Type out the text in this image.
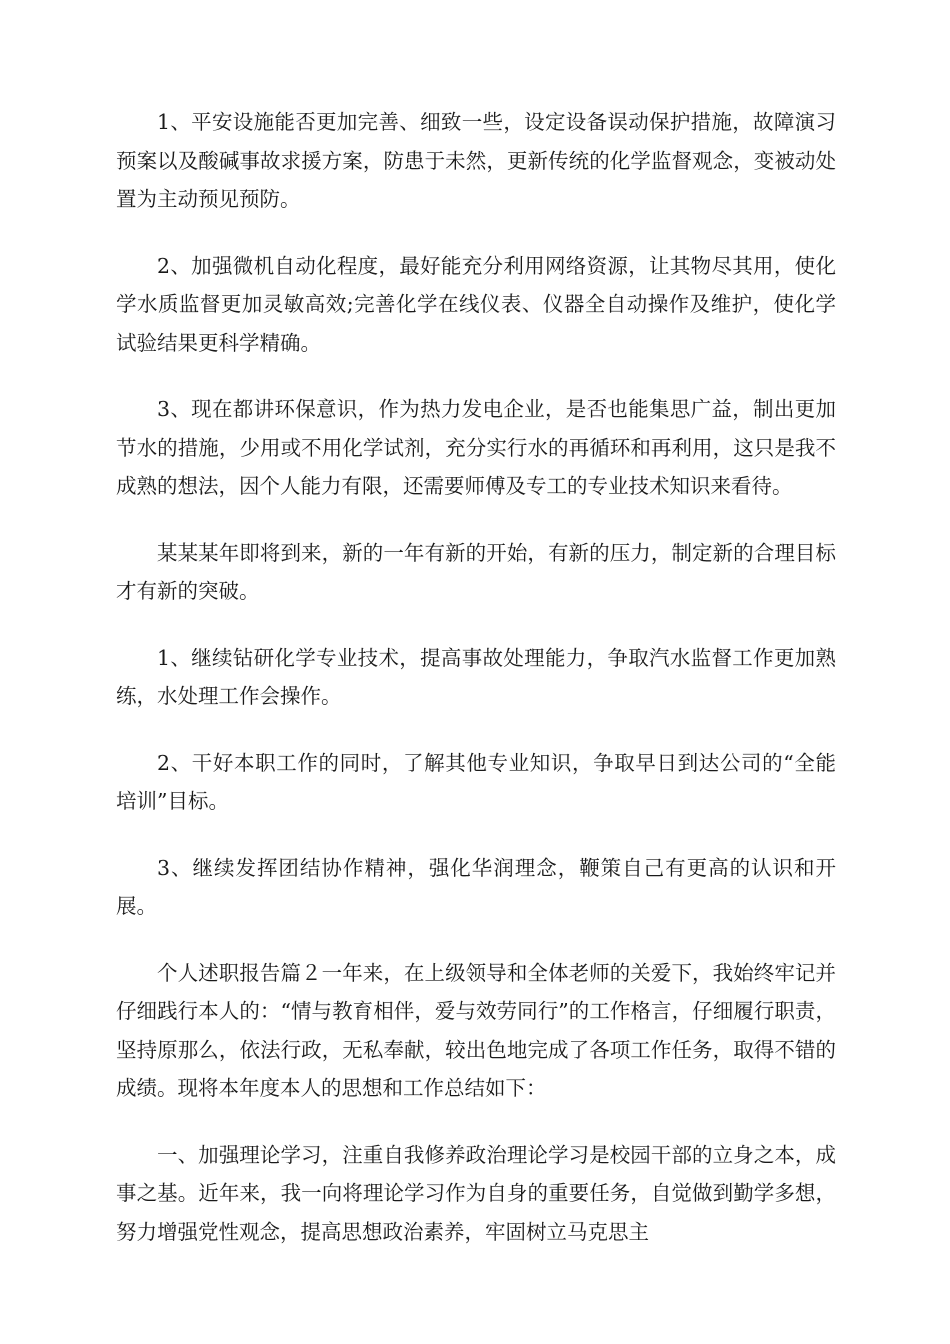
1、平安设施能否更加完善、细致一些，设定设备误动保护措施，故障演习预案以及酸碱事故求援方案，防患于未然，更新传统的化学监督观念，变被动处置为主动预见预防。

2、加强微机自动化程度，最好能充分利用网络资源，让其物尽其用，使化学水质监督更加灵敏高效;完善化学在线仪表、仪器全自动操作及维护，使化学试验结果更科学精确。

3、现在都讲环保意识，作为热力发电企业，是否也能集思广益，制出更加节水的措施，少用或不用化学试剂，充分实行水的再循环和再利用，这只是我不成熟的想法，因个人能力有限，还需要师傅及专工的专业技术知识来看待。

某某某年即将到来，新的一年有新的开始，有新的压力，制定新的合理目标才有新的突破。

1、继续钻研化学专业技术，提高事故处理能力，争取汽水监督工作更加熟练，水处理工作会操作。

2、干好本职工作的同时，了解其他专业知识，争取早日到达公司的“全能培训”目标。

3、继续发挥团结协作精神，强化华润理念，鞭策自己有更高的认识和开展。

个人述职报告篇２一年来，在上级领导和全体老师的关爱下，我始终牢记并仔细践行本人的：“情与教育相伴，爱与效劳同行”的工作格言，仔细履行职责，坚持原那么，依法行政，无私奉献，较出色地完成了各项工作任务，取得不错的成绩。现将本年度本人的思想和工作总结如下：

一、加强理论学习，注重自我修养政治理论学习是校园干部的立身之本，成事之基。近年来，我一向将理论学习作为自身的重要任务，自觉做到勤学多想，努力增强党性观念，提高思想政治素养，牢固树立马克思主
